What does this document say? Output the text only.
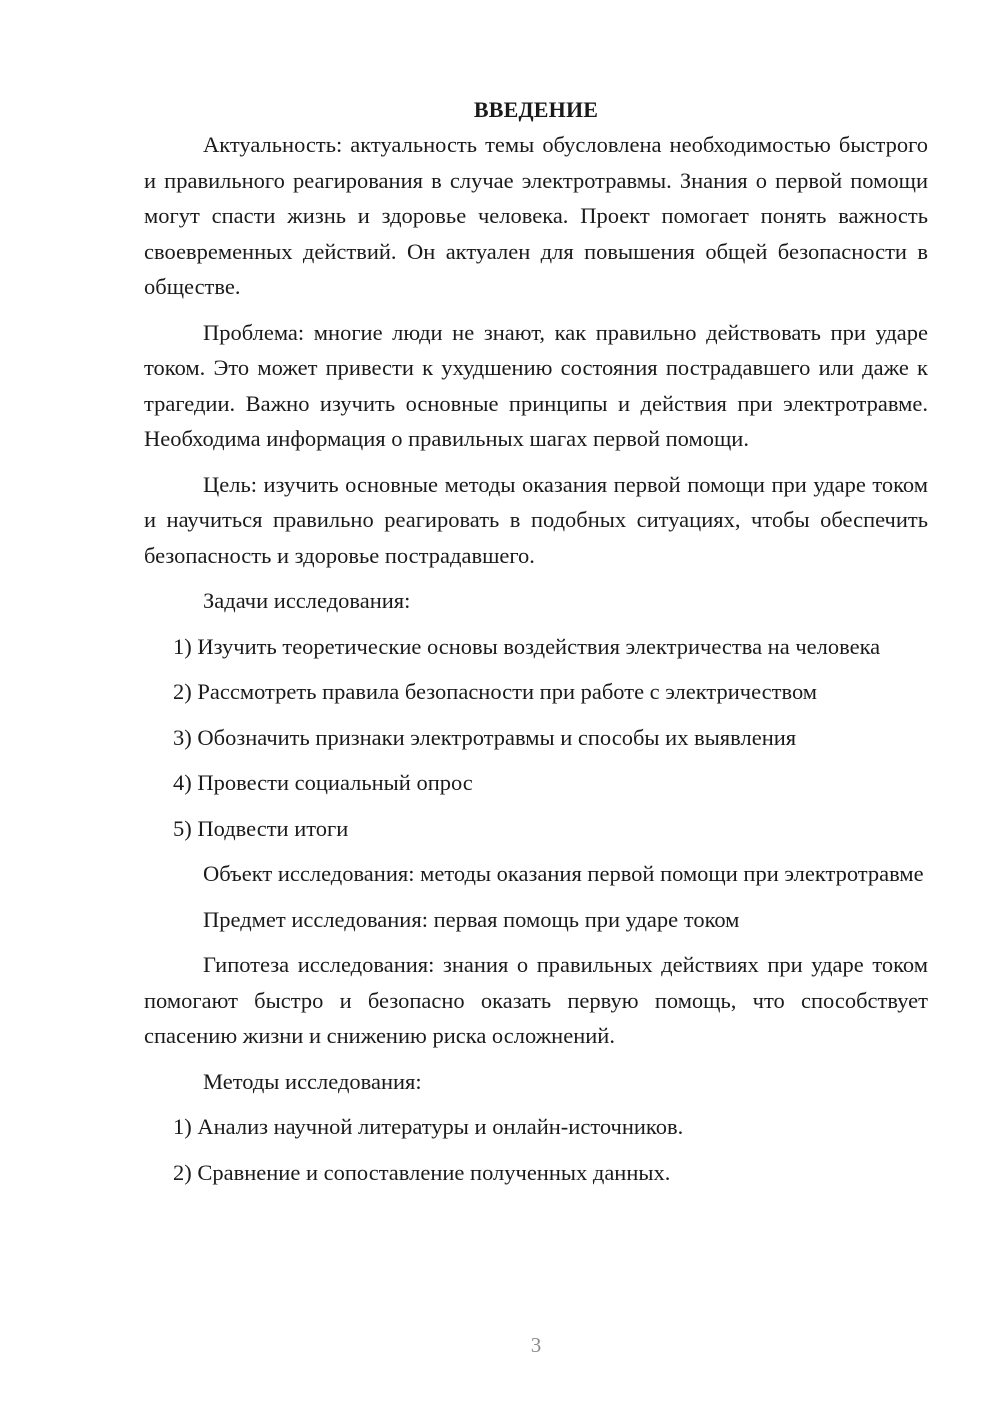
ВВЕДЕНИЕ

Актуальность: актуальность темы обусловлена необходимостью быстрого и правильного реагирования в случае электротравмы. Знания о первой помощи могут спасти жизнь и здоровье человека. Проект помогает понять важность своевременных действий. Он актуален для повышения общей безопасности в обществе.

Проблема: многие люди не знают, как правильно действовать при ударе током. Это может привести к ухудшению состояния пострадавшего или даже к трагедии. Важно изучить основные принципы и действия при электротравме. Необходима информация о правильных шагах первой помощи.

Цель: изучить основные методы оказания первой помощи при ударе током и научиться правильно реагировать в подобных ситуациях, чтобы обеспечить безопасность и здоровье пострадавшего.

Задачи исследования:

1) Изучить теоретические основы воздействия электричества на человека

2) Рассмотреть правила безопасности при работе с электричеством

3) Обозначить признаки электротравмы и способы их выявления

4) Провести социальный опрос

5) Подвести итоги

Объект исследования: методы оказания первой помощи при электротравме

Предмет исследования: первая помощь при ударе током

Гипотеза исследования: знания о правильных действиях при ударе током помогают быстро и безопасно оказать первую помощь, что способствует спасению жизни и снижению риска осложнений.

Методы исследования:

1) Анализ научной литературы и онлайн-источников.

2) Сравнение и сопоставление полученных данных.

3
